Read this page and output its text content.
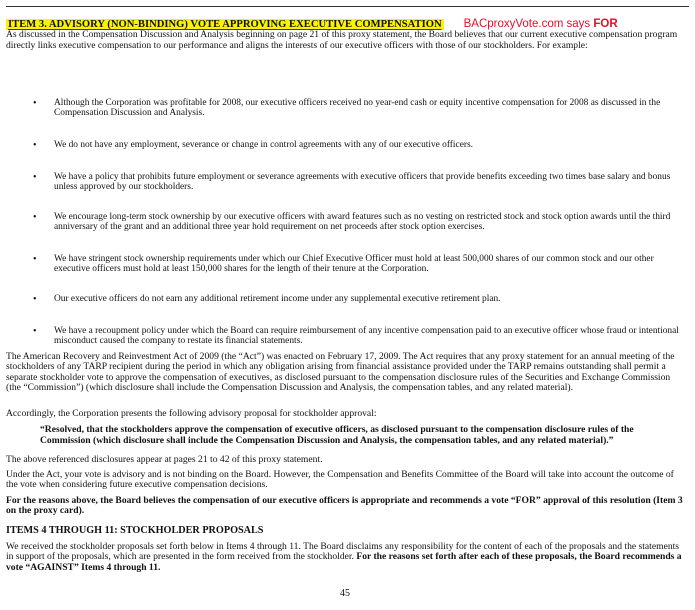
ITEM 3. ADVISORY (NON-BINDING) VOTE APPROVING EXECUTIVE COMPENSATION BACproxyVote.com says FOR
As discussed in the Compensation Discussion and Analysis beginning on page 21 of this proxy statement, the Board believes that our current executive compensation program directly links executive compensation to our performance and aligns the interests of our executive officers with those of our stockholders. For example:
• Although the Corporation was profitable for 2008, our executive officers received no year-end cash or equity incentive compensation for 2008 as discussed in the Compensation Discussion and Analysis.
• We do not have any employment, severance or change in control agreements with any of our executive officers.
• We have a policy that prohibits future employment or severance agreements with executive officers that provide benefits exceeding two times base salary and bonus unless approved by our stockholders.
• We encourage long-term stock ownership by our executive officers with award features such as no vesting on restricted stock and stock option awards until the third anniversary of the grant and an additional three year hold requirement on net proceeds after stock option exercises.
• We have stringent stock ownership requirements under which our Chief Executive Officer must hold at least 500,000 shares of our common stock and our other executive officers must hold at least 150,000 shares for the length of their tenure at the Corporation.
• Our executive officers do not earn any additional retirement income under any supplemental executive retirement plan.
• We have a recoupment policy under which the Board can require reimbursement of any incentive compensation paid to an executive officer whose fraud or intentional misconduct caused the company to restate its financial statements.
The American Recovery and Reinvestment Act of 2009 (the “Act”) was enacted on February 17, 2009. The Act requires that any proxy statement for an annual meeting of the stockholders of any TARP recipient during the period in which any obligation arising from financial assistance provided under the TARP remains outstanding shall permit a separate stockholder vote to approve the compensation of executives, as disclosed pursuant to the compensation disclosure rules of the Securities and Exchange Commission (the “Commission”) (which disclosure shall include the Compensation Discussion and Analysis, the compensation tables, and any related material).
Accordingly, the Corporation presents the following advisory proposal for stockholder approval:
“Resolved, that the stockholders approve the compensation of executive officers, as disclosed pursuant to the compensation disclosure rules of the Commission (which disclosure shall include the Compensation Discussion and Analysis, the compensation tables, and any related material).”
The above referenced disclosures appear at pages 21 to 42 of this proxy statement.
Under the Act, your vote is advisory and is not binding on the Board. However, the Compensation and Benefits Committee of the Board will take into account the outcome of the vote when considering future executive compensation decisions.
For the reasons above, the Board believes the compensation of our executive officers is appropriate and recommends a vote “FOR” approval of this resolution (Item 3 on the proxy card).
ITEMS 4 THROUGH 11: STOCKHOLDER PROPOSALS
We received the stockholder proposals set forth below in Items 4 through 11. The Board disclaims any responsibility for the content of each of the proposals and the statements in support of the proposals, which are presented in the form received from the stockholder. For the reasons set forth after each of these proposals, the Board recommends a vote “AGAINST” Items 4 through 11.
45
